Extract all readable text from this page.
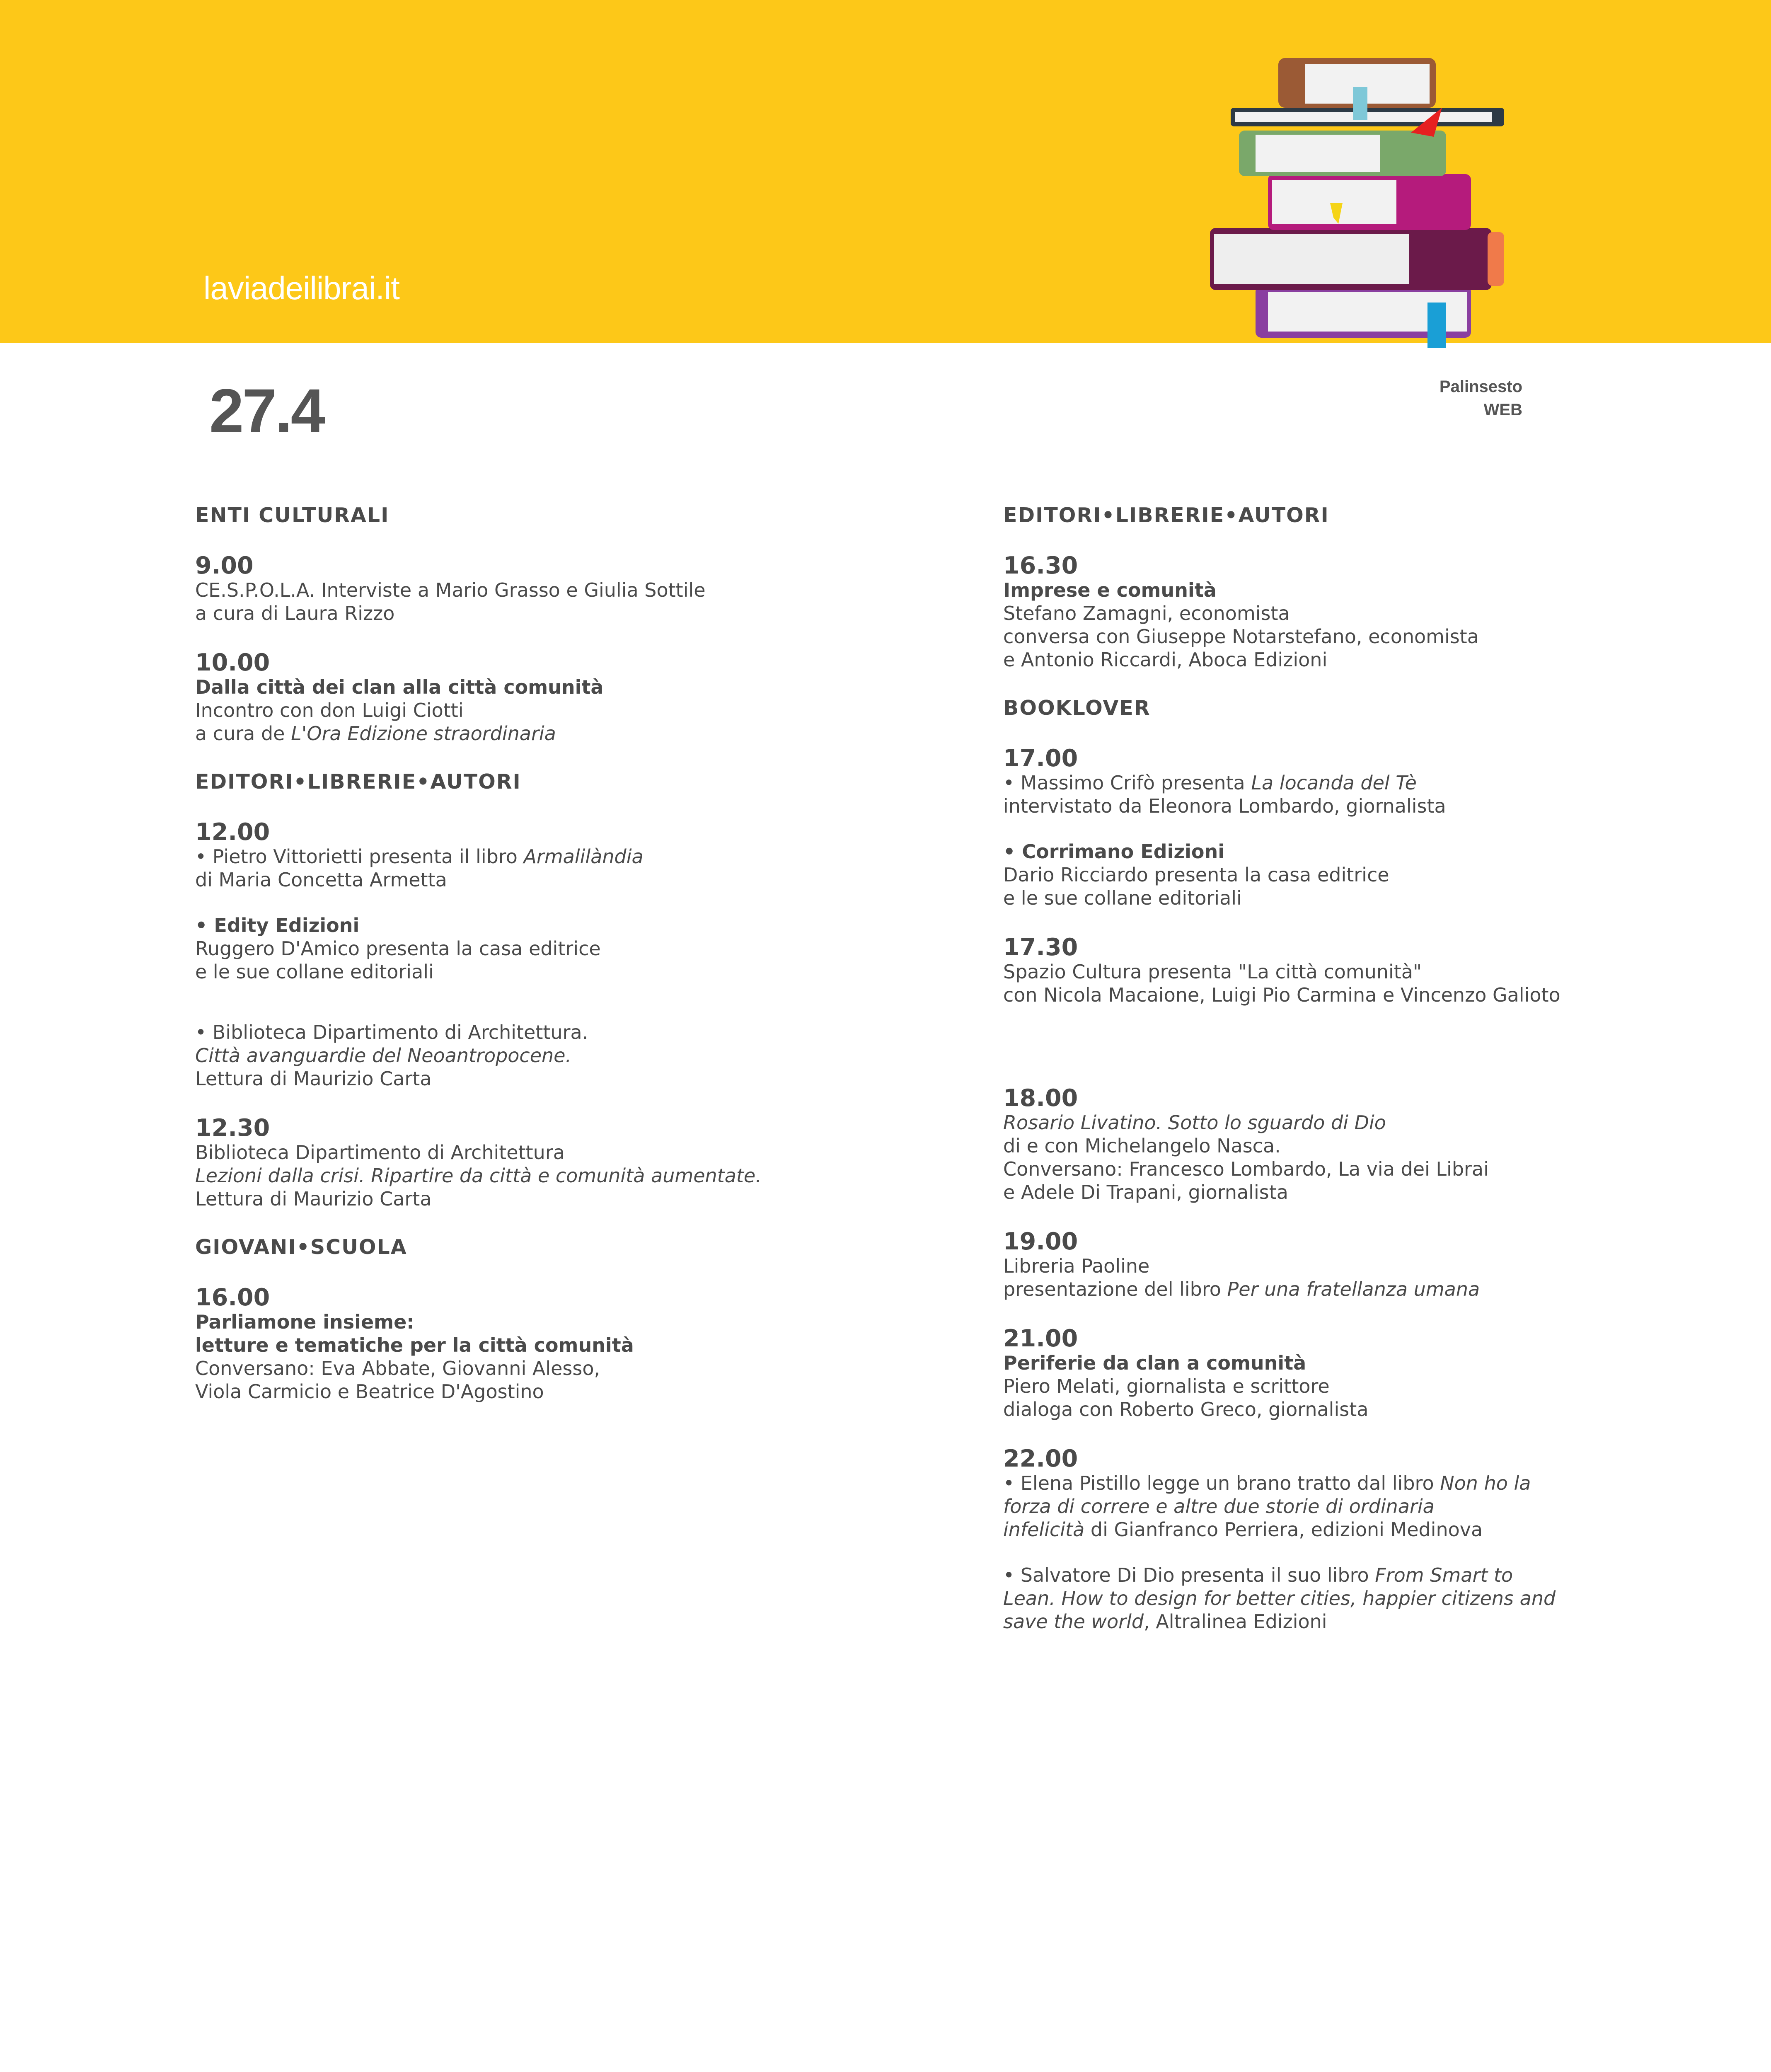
laviadeilibrai.it
27.4	Palinsesto
WEB
ENTI CULTURALI
9.00
CE.S.P.O.L.A. Interviste a Mario Grasso e Giulia Sottile
a cura di Laura Rizzo
10.00
Dalla città dei clan alla città comunità
Incontro con don Luigi Ciotti
a cura de L'Ora Edizione straordinaria
EDITORI•LIBRERIE•AUTORI
12.00
• Pietro Vittorietti presenta il libro Armalilàndia
di Maria Concetta Armetta
• Edity Edizioni
Ruggero D'Amico presenta la casa editrice
e le sue collane editoriali
• Biblioteca Dipartimento di Architettura.
Città avanguardie del Neoantropocene.
Lettura di Maurizio Carta
12.30
Biblioteca Dipartimento di Architettura
Lezioni dalla crisi. Ripartire da città e comunità aumentate.
Lettura di Maurizio Carta
GIOVANI•SCUOLA
16.00
Parliamone insieme:
letture e tematiche per la città comunità
Conversano: Eva Abbate, Giovanni Alesso,
Viola Carmicio e Beatrice D'Agostino
EDITORI•LIBRERIE•AUTORI
16.30
Imprese e comunità
Stefano Zamagni, economista
conversa con Giuseppe Notarstefano, economista
e Antonio Riccardi, Aboca Edizioni
BOOKLOVER
17.00
• Massimo Crifò presenta La locanda del Tè
intervistato da Eleonora Lombardo, giornalista
• Corrimano Edizioni
Dario Ricciardo presenta la casa editrice
e le sue collane editoriali
17.30
Spazio Cultura presenta "La città comunità"
con Nicola Macaione, Luigi Pio Carmina e Vincenzo Galioto
18.00
Rosario Livatino. Sotto lo sguardo di Dio
di e con Michelangelo Nasca.
Conversano: Francesco Lombardo, La via dei Librai
e Adele Di Trapani, giornalista
19.00
Libreria Paoline
presentazione del libro Per una fratellanza umana
21.00
Periferie da clan a comunità
Piero Melati, giornalista e scrittore
dialoga con Roberto Greco, giornalista
22.00
• Elena Pistillo legge un brano tratto dal libro Non ho la
forza di correre e altre due storie di ordinaria
infelicità di Gianfranco Perriera, edizioni Medinova
• Salvatore Di Dio presenta il suo libro From Smart to
Lean. How to design for better cities, happier citizens and
save the world, Altralinea Edizioni
